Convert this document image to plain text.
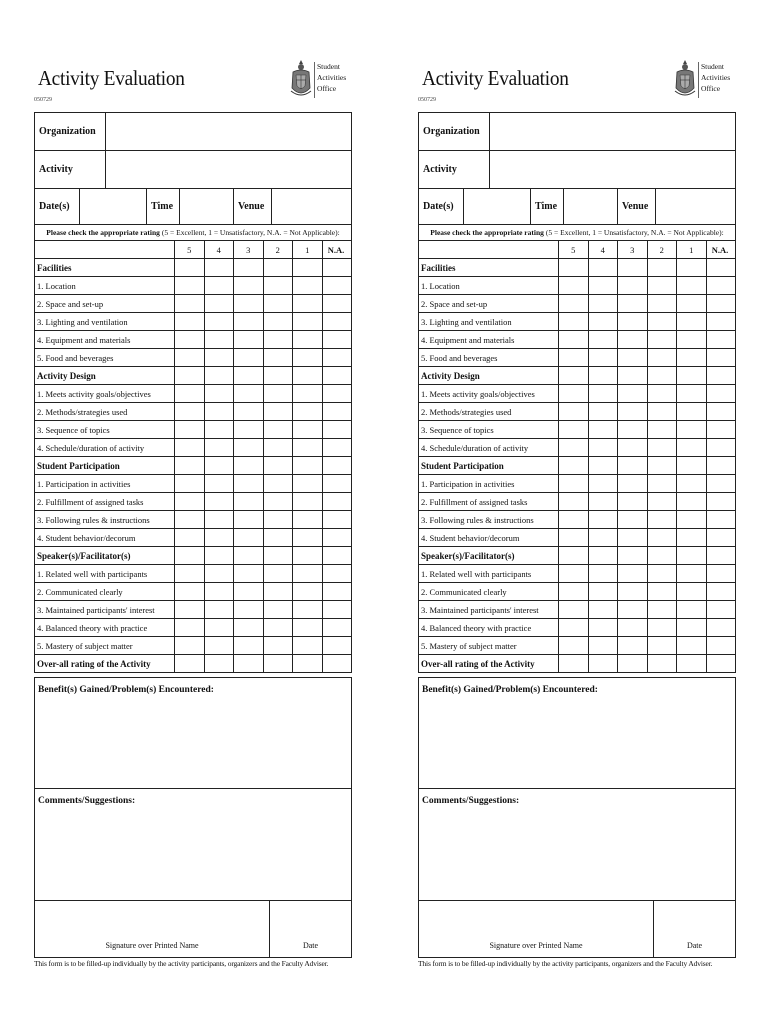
Activity Evaluation
050729
Student
Activities
Office
Organization
Activity
Date(s)	Time	Venue
Please check the appropriate rating (5 = Excellent, 1 = Unsatisfactory, N.A. = Not Applicable):
5	4	3	2	1	N.A.
Facilities
1. Location
2. Space and set-up
3. Lighting and ventilation
4. Equipment and materials
5. Food and beverages
Activity Design
1. Meets activity goals/objectives
2. Methods/strategies used
3. Sequence of topics
4. Schedule/duration of activity
Student Participation
1. Participation in activities
2. Fulfillment of assigned tasks
3. Following rules & instructions
4. Student behavior/decorum
Speaker(s)/Facilitator(s)
1. Related well with participants
2. Communicated clearly
3. Maintained participants' interest
4. Balanced theory with practice
5. Mastery of subject matter
Over-all rating of the Activity
Benefit(s) Gained/Problem(s) Encountered:
Comments/Suggestions:
Signature over Printed Name	Date
This form is to be filled-up individually by the activity participants, organizers and the Faculty Adviser.
Activity Evaluation
050729
Student
Activities
Office
Organization
Activity
Date(s)	Time	Venue
Please check the appropriate rating (5 = Excellent, 1 = Unsatisfactory, N.A. = Not Applicable):
5	4	3	2	1	N.A.
Facilities
1. Location
2. Space and set-up
3. Lighting and ventilation
4. Equipment and materials
5. Food and beverages
Activity Design
1. Meets activity goals/objectives
2. Methods/strategies used
3. Sequence of topics
4. Schedule/duration of activity
Student Participation
1. Participation in activities
2. Fulfillment of assigned tasks
3. Following rules & instructions
4. Student behavior/decorum
Speaker(s)/Facilitator(s)
1. Related well with participants
2. Communicated clearly
3. Maintained participants' interest
4. Balanced theory with practice
5. Mastery of subject matter
Over-all rating of the Activity
Benefit(s) Gained/Problem(s) Encountered:
Comments/Suggestions:
Signature over Printed Name	Date
This form is to be filled-up individually by the activity participants, organizers and the Faculty Adviser.
